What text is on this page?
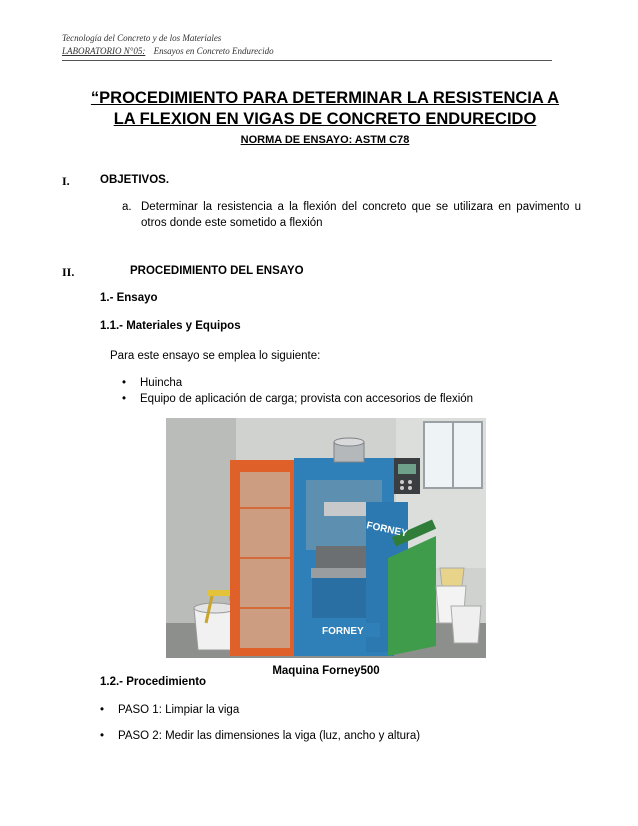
Tecnología del Concreto y de los Materiales
LABORATORIO N°05: Ensayos en Concreto Endurecido
“PROCEDIMIENTO PARA DETERMINAR LA RESISTENCIA A
LA FLEXION EN VIGAS DE CONCRETO ENDURECIDO
NORMA DE ENSAYO: ASTM C78
I.	OBJETIVOS.
a. Determinar la resistencia a la flexión del concreto que se utilizara en pavimento u
otros donde este sometido a flexión
II.	PROCEDIMIENTO DEL ENSAYO
1.- Ensayo
1.1.- Materiales y Equipos
Para este ensayo se emplea lo siguiente:
• Huincha
• Equipo de aplicación de carga; provista con accesorios de flexión
FORNEY
FORNEY
Maquina Forney500
1.2.- Procedimiento
• PASO 1: Limpiar la viga
• PASO 2: Medir las dimensiones la viga (luz, ancho y altura)
